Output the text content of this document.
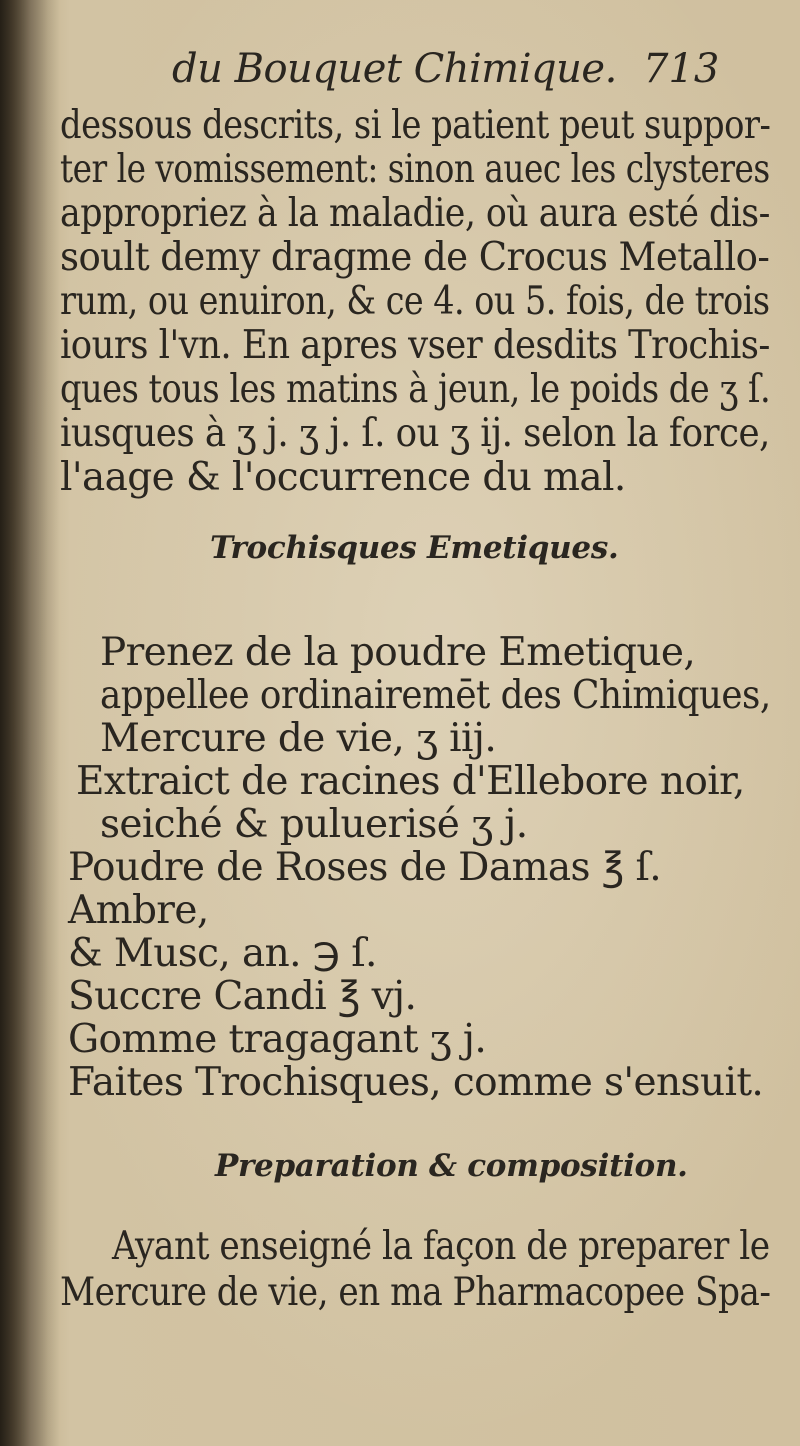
du Bouquet Chimique. 713
dessous descrits, si le patient peut suppor-
ter le vomissement: sinon auec les clysteres
appropriez à la maladie, où aura esté dis-
soult demy dragme de Crocus Metallo-
rum, ou enuiron, & ce 4. ou 5. fois, de trois
iours l'vn. En apres vser desdits Trochis-
ques tous les matins à jeun, le poids de ʒ ſ.
iusques à ʒ j. ʒ j. ſ. ou ʒ ij. selon la force,
l'aage & l'occurrence du mal.
Trochisques Emetiques.
Prenez de la poudre Emetique,
appellee ordinairemēt des Chimiques,
Mercure de vie, ʒ iij.
Extraict de racines d'Ellebore noir,
seiché & puluerisé ʒ j.
Poudre de Roses de Damas ℥ ſ.
Ambre,
& Musc, an. ℈ ſ.
Succre Candi ℥ vj.
Gomme tragagant ʒ j.
Faites Trochisques, comme s'ensuit.
Preparation & composition.
Ayant enseigné la façon de preparer le
Mercure de vie, en ma Pharmacopee Spa-
